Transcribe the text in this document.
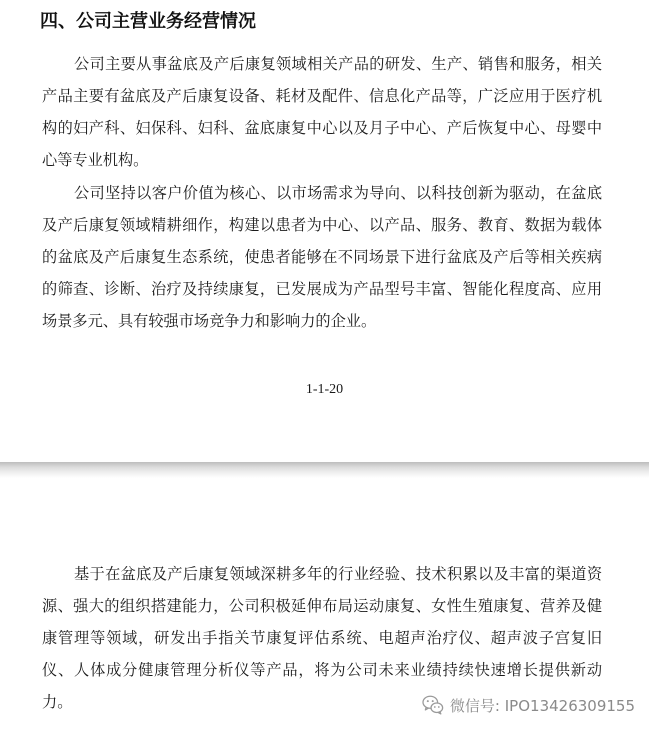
四、公司主营业务经营情况

公司主要从事盆底及产后康复领域相关产品的研发、生产、销售和服务，相关产品主要有盆底及产后康复设备、耗材及配件、信息化产品等，广泛应用于医疗机构的妇产科、妇保科、妇科、盆底康复中心以及月子中心、产后恢复中心、母婴中心等专业机构。

公司坚持以客户价值为核心、以市场需求为导向、以科技创新为驱动，在盆底及产后康复领域精耕细作，构建以患者为中心、以产品、服务、教育、数据为载体的盆底及产后康复生态系统，使患者能够在不同场景下进行盆底及产后等相关疾病的筛查、诊断、治疗及持续康复，已发展成为产品型号丰富、智能化程度高、应用场景多元、具有较强市场竞争力和影响力的企业。

1-1-20

基于在盆底及产后康复领域深耕多年的行业经验、技术积累以及丰富的渠道资源、强大的组织搭建能力，公司积极延伸布局运动康复、女性生殖康复、营养及健康管理等领域，研发出手指关节康复评估系统、电超声治疗仪、超声波子宫复旧仪、人体成分健康管理分析仪等产品，将为公司未来业绩持续快速增长提供新动力。	微信号: IPO13426309155
